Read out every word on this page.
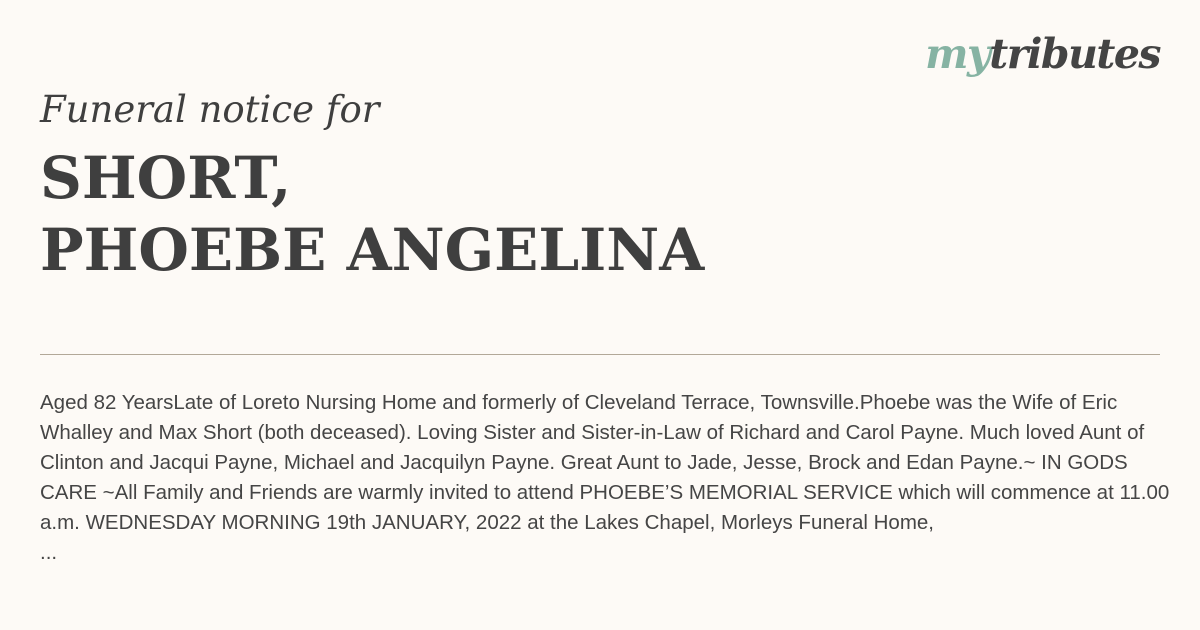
mytributes
Funeral notice for
SHORT,
PHOEBE ANGELINA

Aged 82 YearsLate of Loreto Nursing Home and formerly of Cleveland Terrace, Townsville.Phoebe was the Wife of Eric Whalley and Max Short (both deceased). Loving Sister and Sister-in-Law of Richard and Carol Payne. Much loved Aunt of Clinton and Jacqui Payne, Michael and Jacquilyn Payne. Great Aunt to Jade, Jesse, Brock and Edan Payne.~ IN GODS CARE ~All Family and Friends are warmly invited to attend PHOEBE’S MEMORIAL SERVICE which will commence at 11.00 a.m. WEDNESDAY MORNING 19th JANUARY, 2022 at the Lakes Chapel, Morleys Funeral Home,
...
